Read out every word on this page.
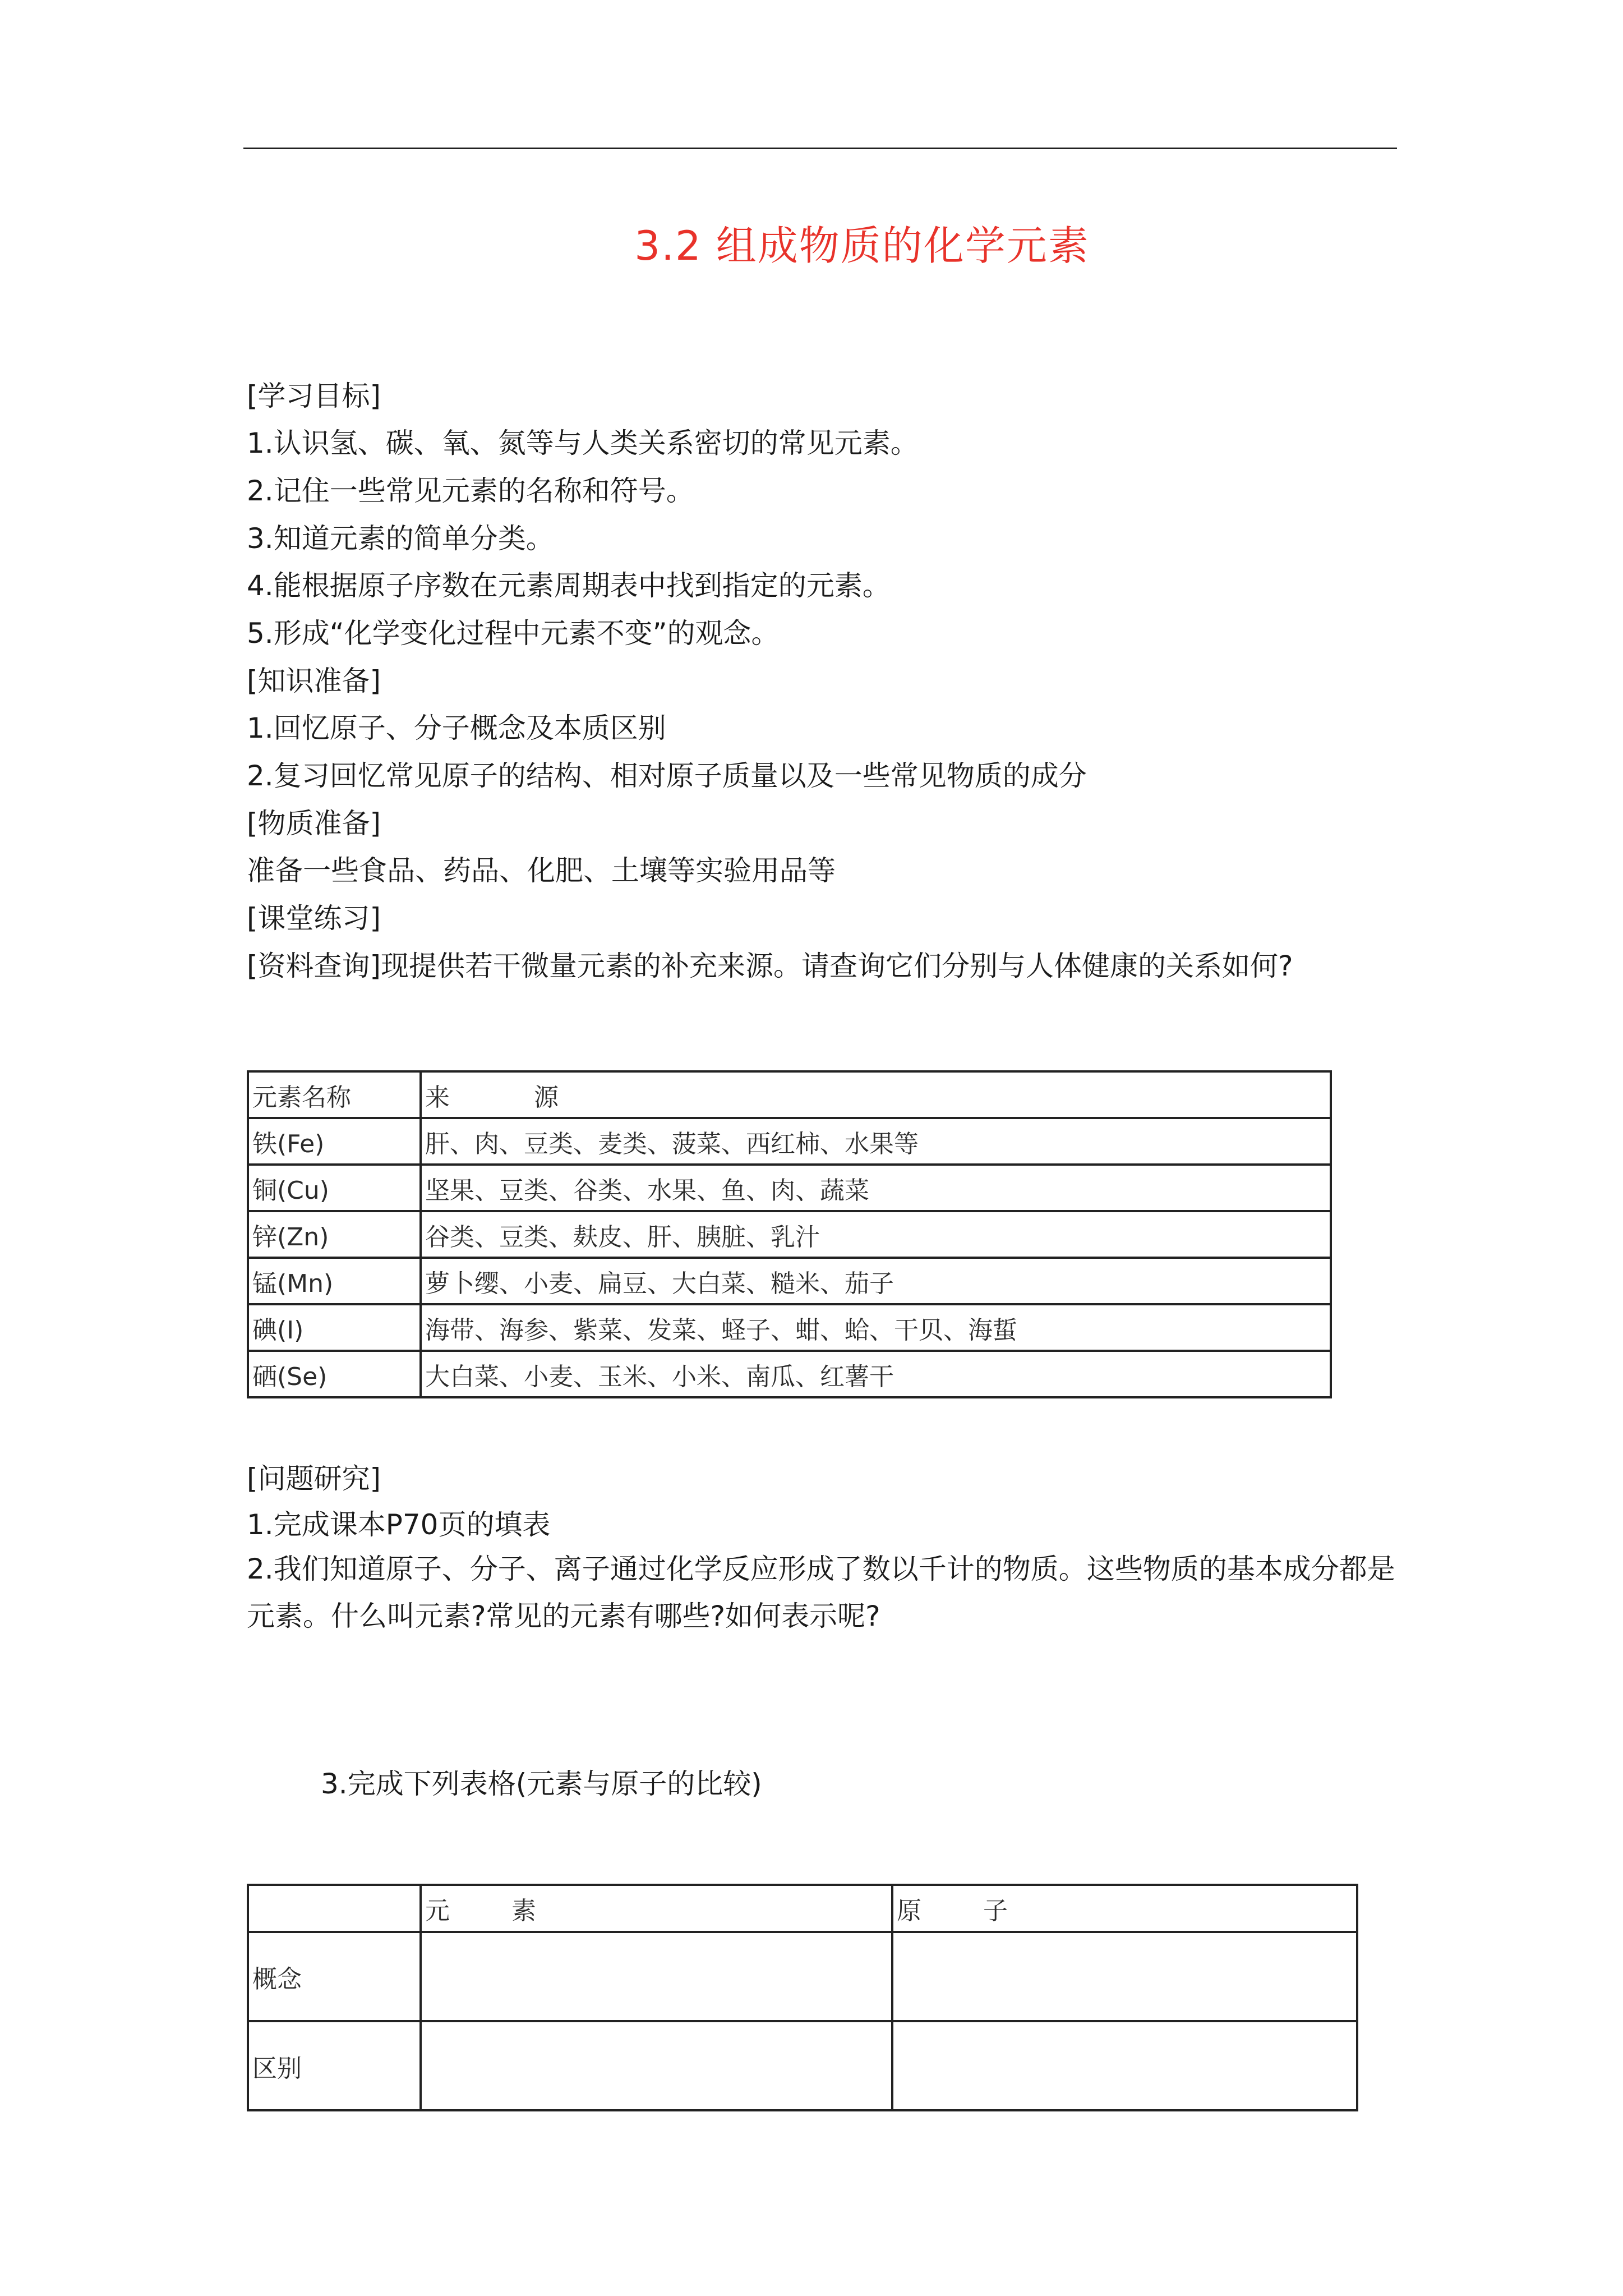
3.2 组成物质的化学元素
[学习目标]
1.认识氢、碳、氧、氮等与人类关系密切的常见元素。
2.记住一些常见元素的名称和符号。
3.知道元素的简单分类。
4.能根据原子序数在元素周期表中找到指定的元素。
5.形成“化学变化过程中元素不变”的观念。
[知识准备]
1.回忆原子、分子概念及本质区别
2.复习回忆常见原子的结构、相对原子质量以及一些常见物质的成分
[物质准备]
准备一些食品、药品、化肥、土壤等实验用品等
[课堂练习]
[资料查询]现提供若干微量元素的补充来源。请查询它们分别与人体健康的关系如何?
元素名称	来 源
铁(Fe)	肝、肉、豆类、麦类、菠菜、西红柿、水果等
铜(Cu)	坚果、豆类、谷类、水果、鱼、肉、蔬菜
锌(Zn)	谷类、豆类、麸皮、肝、胰脏、乳汁
锰(Mn)	萝卜缨、小麦、扁豆、大白菜、糙米、茄子
碘(I)	海带、海参、紫菜、发菜、蛏子、蚶、蛤、干贝、海蜇
硒(Se)	大白菜、小麦、玉米、小米、南瓜、红薯干
[问题研究]
1.完成课本P70页的填表
2.我们知道原子、分子、离子通过化学反应形成了数以千计的物质。这些物质的基本成分都是元素。什么叫元素?常见的元素有哪些?如何表示呢?
3.完成下列表格(元素与原子的比较)
	元 素	原 子
概念		
区别		
